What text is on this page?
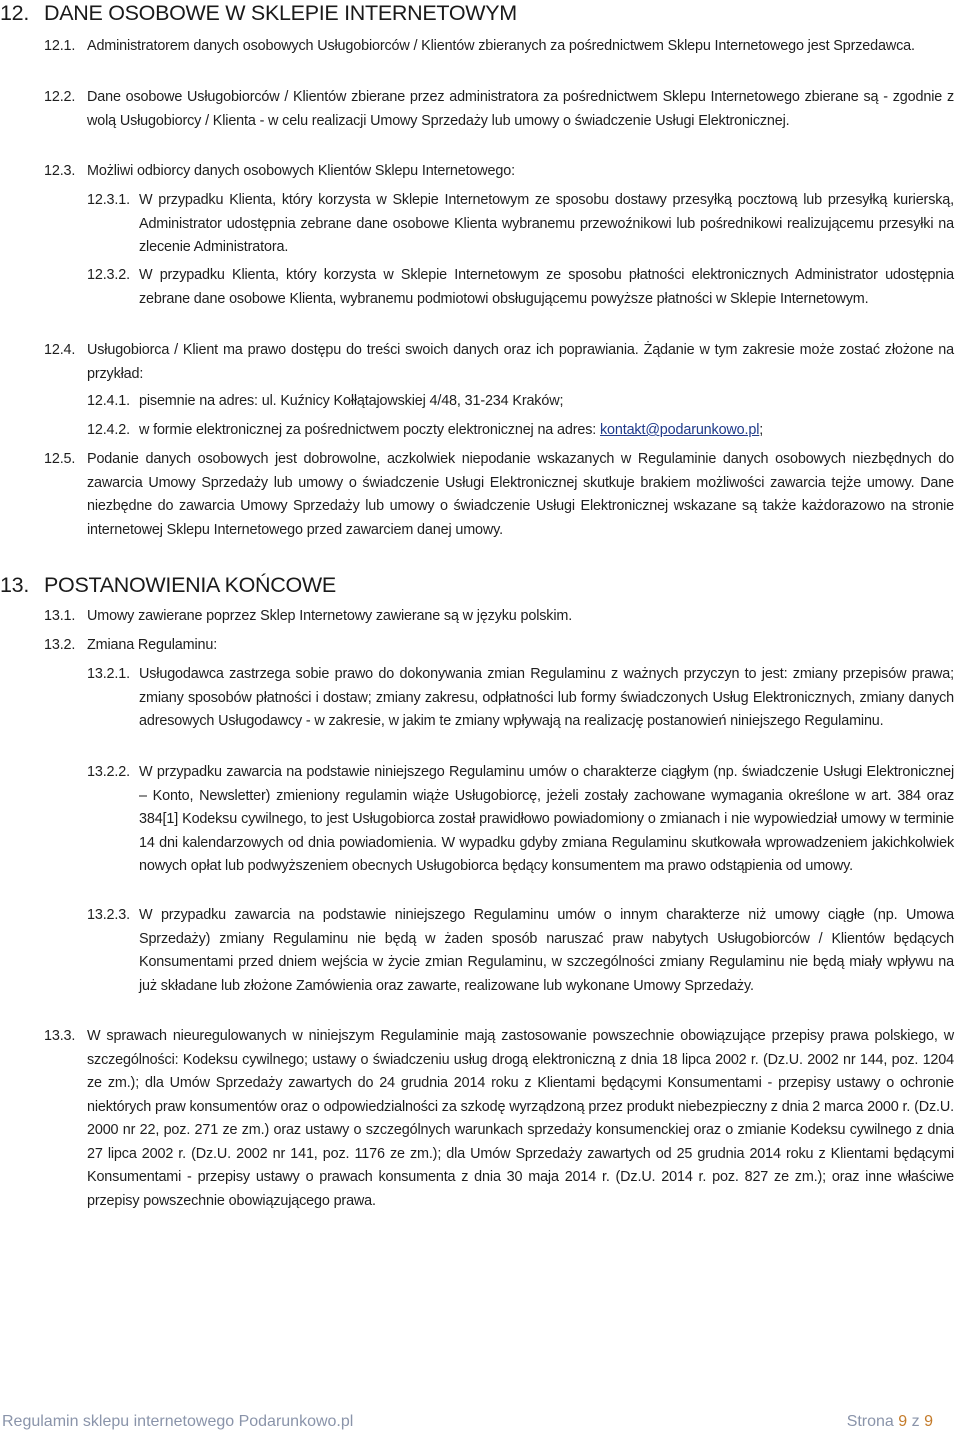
12. DANE OSOBOWE W SKLEPIE INTERNETOWYM
12.1. Administratorem danych osobowych Usługobiorców / Klientów zbieranych za pośrednictwem Sklepu Internetowego jest Sprzedawca.
12.2. Dane osobowe Usługobiorców / Klientów zbierane przez administratora za pośrednictwem Sklepu Internetowego zbierane są - zgodnie z wolą Usługobiorcy / Klienta - w celu realizacji Umowy Sprzedaży lub umowy o świadczenie Usługi Elektronicznej.
12.3. Możliwi odbiorcy danych osobowych Klientów Sklepu Internetowego:
12.3.1. W przypadku Klienta, który korzysta w Sklepie Internetowym ze sposobu dostawy przesyłką pocztową lub przesyłką kurierską, Administrator udostępnia zebrane dane osobowe Klienta wybranemu przewoźnikowi lub pośrednikowi realizującemu przesyłki na zlecenie Administratora.
12.3.2. W przypadku Klienta, który korzysta w Sklepie Internetowym ze sposobu płatności elektronicznych Administrator udostępnia zebrane dane osobowe Klienta, wybranemu podmiotowi obsługującemu powyższe płatności w Sklepie Internetowym.
12.4. Usługobiorca / Klient ma prawo dostępu do treści swoich danych oraz ich poprawiania. Żądanie w tym zakresie może zostać złożone na przykład:
12.4.1. pisemnie na adres: ul. Kuźnicy Kołłątajowskiej 4/48, 31-234 Kraków;
12.4.2. w formie elektronicznej za pośrednictwem poczty elektronicznej na adres: kontakt@podarunkowo.pl;
12.5. Podanie danych osobowych jest dobrowolne, aczkolwiek niepodanie wskazanych w Regulaminie danych osobowych niezbędnych do zawarcia Umowy Sprzedaży lub umowy o świadczenie Usługi Elektronicznej skutkuje brakiem możliwości zawarcia tejże umowy. Dane niezbędne do zawarcia Umowy Sprzedaży lub umowy o świadczenie Usługi Elektronicznej wskazane są także każdorazowo na stronie internetowej Sklepu Internetowego przed zawarciem danej umowy.
13. POSTANOWIENIA KOŃCOWE
13.1. Umowy zawierane poprzez Sklep Internetowy zawierane są w języku polskim.
13.2. Zmiana Regulaminu:
13.2.1. Usługodawca zastrzega sobie prawo do dokonywania zmian Regulaminu z ważnych przyczyn to jest: zmiany przepisów prawa; zmiany sposobów płatności i dostaw; zmiany zakresu, odpłatności lub formy świadczonych Usług Elektronicznych, zmiany danych adresowych Usługodawcy - w zakresie, w jakim te zmiany wpływają na realizację postanowień niniejszego Regulaminu.
13.2.2. W przypadku zawarcia na podstawie niniejszego Regulaminu umów o charakterze ciągłym (np. świadczenie Usługi Elektronicznej – Konto, Newsletter) zmieniony regulamin wiąże Usługobiorcę, jeżeli zostały zachowane wymagania określone w art. 384 oraz 384[1] Kodeksu cywilnego, to jest Usługobiorca został prawidłowo powiadomiony o zmianach i nie wypowiedział umowy w terminie 14 dni kalendarzowych od dnia powiadomienia. W wypadku gdyby zmiana Regulaminu skutkowała wprowadzeniem jakichkolwiek nowych opłat lub podwyższeniem obecnych Usługobiorca będący konsumentem ma prawo odstąpienia od umowy.
13.2.3. W przypadku zawarcia na podstawie niniejszego Regulaminu umów o innym charakterze niż umowy ciągłe (np. Umowa Sprzedaży) zmiany Regulaminu nie będą w żaden sposób naruszać praw nabytych Usługobiorców / Klientów będących Konsumentami przed dniem wejścia w życie zmian Regulaminu, w szczególności zmiany Regulaminu nie będą miały wpływu na już składane lub złożone Zamówienia oraz zawarte, realizowane lub wykonane Umowy Sprzedaży.
13.3. W sprawach nieuregulowanych w niniejszym Regulaminie mają zastosowanie powszechnie obowiązujące przepisy prawa polskiego, w szczególności: Kodeksu cywilnego; ustawy o świadczeniu usług drogą elektroniczną z dnia 18 lipca 2002 r. (Dz.U. 2002 nr 144, poz. 1204 ze zm.); dla Umów Sprzedaży zawartych do 24 grudnia 2014 roku z Klientami będącymi Konsumentami - przepisy ustawy o ochronie niektórych praw konsumentów oraz o odpowiedzialności za szkodę wyrządzoną przez produkt niebezpieczny z dnia 2 marca 2000 r. (Dz.U. 2000 nr 22, poz. 271 ze zm.) oraz ustawy o szczególnych warunkach sprzedaży konsumenckiej oraz o zmianie Kodeksu cywilnego z dnia 27 lipca 2002 r. (Dz.U. 2002 nr 141, poz. 1176 ze zm.); dla Umów Sprzedaży zawartych od 25 grudnia 2014 roku z Klientami będącymi Konsumentami - przepisy ustawy o prawach konsumenta z dnia 30 maja 2014 r. (Dz.U. 2014 r. poz. 827 ze zm.); oraz inne właściwe przepisy powszechnie obowiązującego prawa.
Regulamin sklepu internetowego Podarunkowo.pl	Strona 9 z 9
